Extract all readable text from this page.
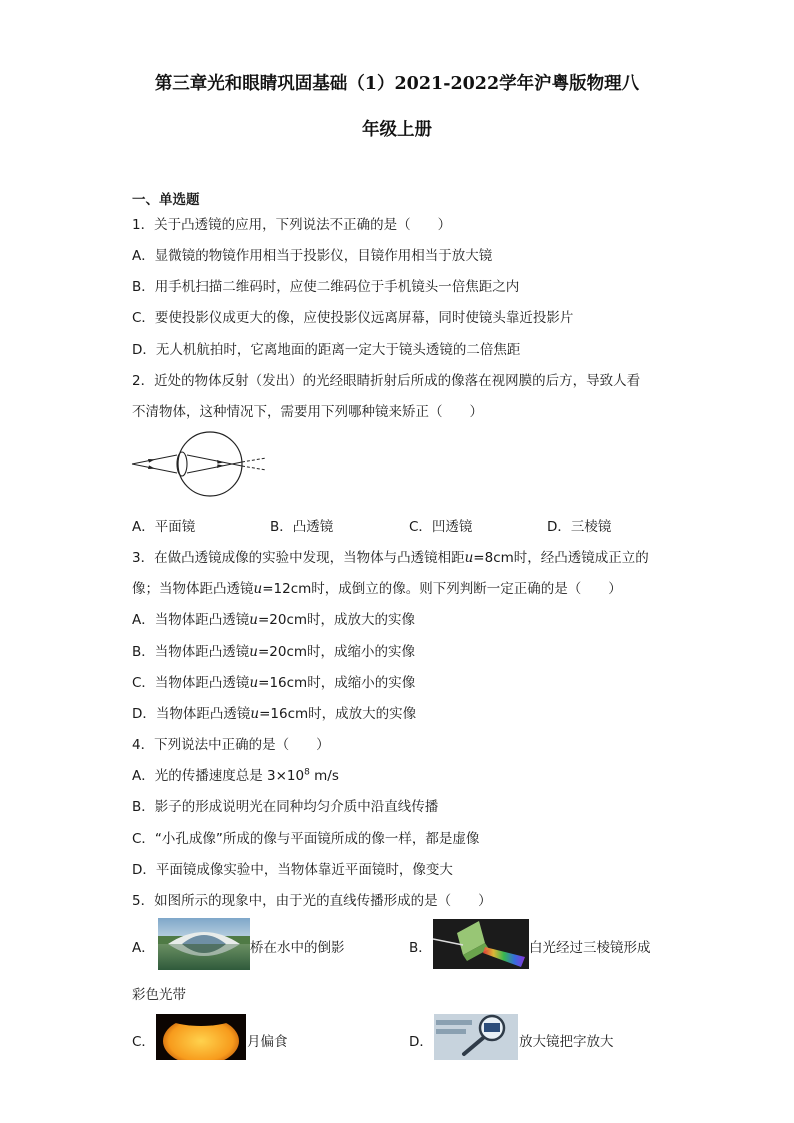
第三章光和眼睛巩固基础（1）2021-2022学年沪粤版物理八
年级上册
一、单选题
1．关于凸透镜的应用，下列说法不正确的是（　　）
A．显微镜的物镜作用相当于投影仪，目镜作用相当于放大镜
B．用手机扫描二维码时，应使二维码位于手机镜头一倍焦距之内
C．要使投影仪成更大的像，应使投影仪远离屏幕，同时使镜头靠近投影片
D．无人机航拍时，它离地面的距离一定大于镜头透镜的二倍焦距
2．近处的物体反射（发出）的光经眼睛折射后所成的像落在视网膜的后方，导致人看
不清物体，这种情况下，需要用下列哪种镜来矫正（　　）
A．平面镜	B．凸透镜	C．凹透镜	D．三棱镜
3．在做凸透镜成像的实验中发现，当物体与凸透镜相距u=8cm时，经凸透镜成正立的
像；当物体距凸透镜u=12cm时，成倒立的像。则下列判断一定正确的是（　　）
A．当物体距凸透镜u=20cm时，成放大的实像
B．当物体距凸透镜u=20cm时，成缩小的实像
C．当物体距凸透镜u=16cm时，成缩小的实像
D．当物体距凸透镜u=16cm时，成放大的实像
4．下列说法中正确的是（　　）
A．光的传播速度总是 $3\times 10^8$ m/s
B．影子的形成说明光在同种均匀介质中沿直线传播
C．“小孔成像”所成的像与平面镜所成的像一样，都是虚像
D．平面镜成像实验中，当物体靠近平面镜时，像变大
5．如图所示的现象中，由于光的直线传播形成的是（　　）
A．	桥在水中的倒影	B．	白光经过三棱镜形成
彩色光带
C．	月偏食	D．	放大镜把字放大
